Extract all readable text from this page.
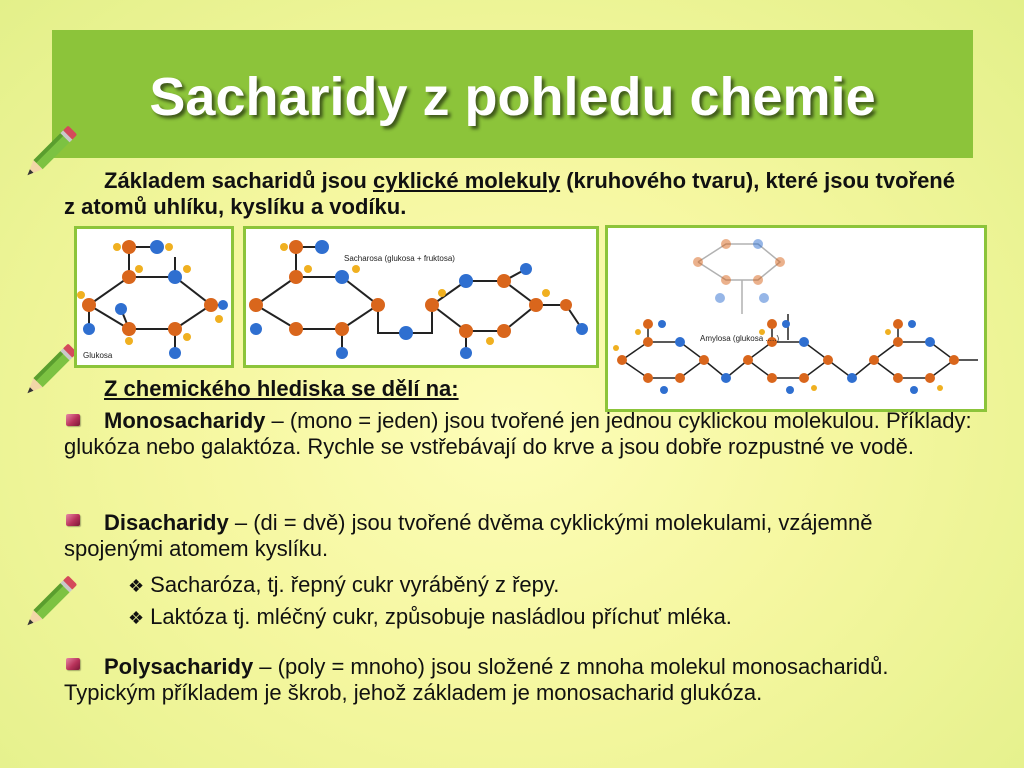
Sacharidy z pohledu chemie
Základem sacharidů jsou cyklické molekuly (kruhového tvaru), které jsou tvořené z atomů uhlíku, kyslíku a vodíku.
Glukosa
Sacharosa (glukosa + fruktosa)
Amylosa (glukosa .....)
Z chemického hlediska se dělí na:
Monosacharidy – (mono = jeden) jsou tvořené jen jednou cyklickou molekulou. Příklady: glukóza nebo galaktóza. Rychle se vstřebávají do krve a jsou dobře rozpustné ve vodě.
Disacharidy – (di = dvě) jsou tvořené dvěma cyklickými molekulami, vzájemně spojenými atomem kyslíku.
❖ Sacharóza, tj. řepný cukr vyráběný z řepy.
❖ Laktóza tj. mléčný cukr, způsobuje nasládlou příchuť mléka.
Polysacharidy – (poly = mnoho) jsou složené z mnoha molekul monosacharidů. Typickým příkladem je škrob, jehož základem je monosacharid glukóza.
